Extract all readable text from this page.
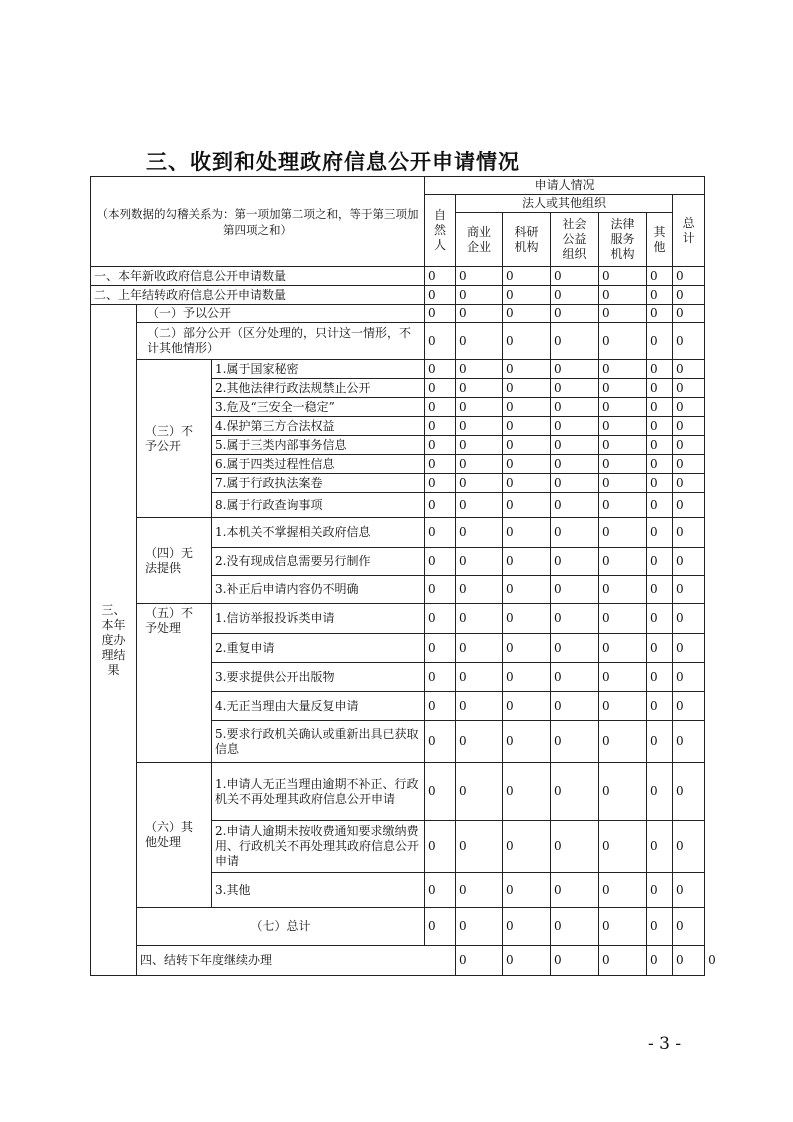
三、收到和处理政府信息公开申请情况
（本列数据的勾稽关系为：第一项加第二项之和，等于第三项加第四项之和）			申请人情况							
			自然人	法人或其他组织					总计	
				商业企业	科研机构	社会公益组织	法律服务机构	其他		
一、本年新收政府信息公开申请数量			0	0	0	0	0	0	0	
二、上年结转政府信息公开申请数量			0	0	0	0	0	0	0	
三、本年度办理结果	（一）予以公开		0	0	0	0	0	0	0	
	（二）部分公开（区分处理的，只计这一情形，不计其他情形）		0	0	0	0	0	0	0	
	（三）不予公开	1.属于国家秘密	0	0	0	0	0	0	0	
		2.其他法律行政法规禁止公开	0	0	0	0	0	0	0	
		3.危及“三安全一稳定”	0	0	0	0	0	0	0	
		4.保护第三方合法权益	0	0	0	0	0	0	0	
		5.属于三类内部事务信息	0	0	0	0	0	0	0	
		6.属于四类过程性信息	0	0	0	0	0	0	0	
		7.属于行政执法案卷	0	0	0	0	0	0	0	
		8.属于行政查询事项	0	0	0	0	0	0	0	
	（四）无法提供	1.本机关不掌握相关政府信息	0	0	0	0	0	0	0	
		2.没有现成信息需要另行制作	0	0	0	0	0	0	0	
		3.补正后申请内容仍不明确	0	0	0	0	0	0	0	
	（五）不予处理	1.信访举报投诉类申请	0	0	0	0	0	0	0	
		2.重复申请	0	0	0	0	0	0	0	
		3.要求提供公开出版物	0	0	0	0	0	0	0	
		4.无正当理由大量反复申请	0	0	0	0	0	0	0	
		5.要求行政机关确认或重新出具已获取信息	0	0	0	0	0	0	0	
	（六）其他处理	1.申请人无正当理由逾期不补正、行政机关不再处理其政府信息公开申请	0	0	0	0	0	0	0	
		2.申请人逾期未按收费通知要求缴纳费用、行政机关不再处理其政府信息公开申请	0	0	0	0	0	0	0	
		3.其他	0	0	0	0	0	0	0	
	（七）总计		0	0	0	0	0	0	0	
	四、结转下年度继续办理			0	0	0	0	0	0	0
- 3 -
